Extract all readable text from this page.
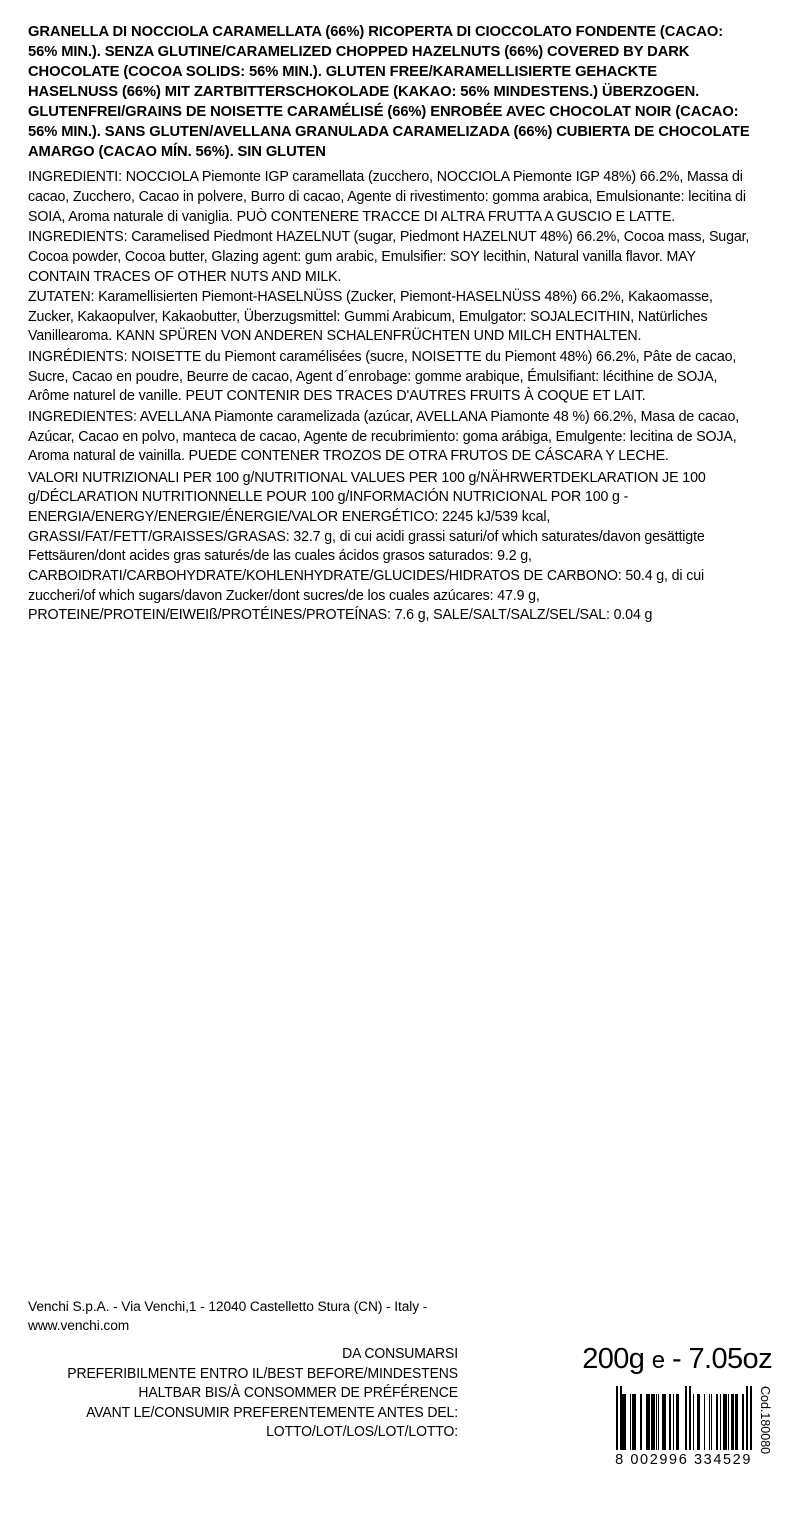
GRANELLA DI NOCCIOLA CARAMELLATA (66%) RICOPERTA DI CIOCCOLATO FONDENTE (CACAO: 56% MIN.). SENZA GLUTINE/CARAMELIZED CHOPPED HAZELNUTS (66%) COVERED BY DARK CHOCOLATE (COCOA SOLIDS: 56% MIN.). GLUTEN FREE/KARAMELLISIERTE GEHACKTE HASELNUSS (66%) MIT ZARTBITTERSCHOKOLADE (KAKAO: 56% MINDESTENS.) ÜBERZOGEN. GLUTENFREI/GRAINS DE NOISETTE CARAMÉLISÉ (66%) ENROBÉE AVEC CHOCOLAT NOIR (CACAO: 56% MIN.). SANS GLUTEN/AVELLANA GRANULADA CARAMELIZADA (66%) CUBIERTA DE CHOCOLATE AMARGO (CACAO MÍN. 56%). SIN GLUTEN

INGREDIENTI: NOCCIOLA Piemonte IGP caramellata (zucchero, NOCCIOLA Piemonte IGP 48%) 66.2%, Massa di cacao, Zucchero, Cacao in polvere, Burro di cacao, Agente di rivestimento: gomma arabica, Emulsionante: lecitina di SOIA, Aroma naturale di vaniglia. PUÒ CONTENERE TRACCE DI ALTRA FRUTTA A GUSCIO E LATTE.

INGREDIENTS: Caramelised Piedmont HAZELNUT (sugar, Piedmont HAZELNUT 48%) 66.2%, Cocoa mass, Sugar, Cocoa powder, Cocoa butter, Glazing agent: gum arabic, Emulsifier: SOY lecithin, Natural vanilla flavor. MAY CONTAIN TRACES OF OTHER NUTS AND MILK.

ZUTATEN: Karamellisierten Piemont-HASELNÜSS (Zucker, Piemont-HASELNÜSS 48%) 66.2%, Kakaomasse, Zucker, Kakaopulver, Kakaobutter, Überzugsmittel: Gummi Arabicum, Emulgator: SOJALECITHIN, Natürliches Vanillearoma. KANN SPÜREN VON ANDEREN SCHALENFRÜCHTEN UND MILCH ENTHALTEN.

INGRÉDIENTS: NOISETTE du Piemont caramélisées (sucre, NOISETTE du Piemont 48%) 66.2%, Pâte de cacao, Sucre, Cacao en poudre, Beurre de cacao, Agent d´enrobage: gomme arabique, Émulsifiant: lécithine de SOJA, Arôme naturel de vanille. PEUT CONTENIR DES TRACES D'AUTRES FRUITS À COQUE ET LAIT.

INGREDIENTES: AVELLANA Piamonte caramelizada (azúcar, AVELLANA Piamonte 48 %) 66.2%, Masa de cacao, Azúcar, Cacao en polvo, manteca de cacao, Agente de recubrimiento: goma arábiga, Emulgente: lecitina de SOJA, Aroma natural de vainilla. PUEDE CONTENER TROZOS DE OTRA FRUTOS DE CÁSCARA Y LECHE.

VALORI NUTRIZIONALI PER 100 g/NUTRITIONAL VALUES PER 100 g/NÄHRWERTDEKLARATION JE 100 g/DÉCLARATION NUTRITIONNELLE POUR 100 g/INFORMACIÓN NUTRICIONAL POR 100 g -

ENERGIA/ENERGY/ENERGIE/ÉNERGIE/VALOR ENERGÉTICO: 2245 kJ/539 kcal,

GRASSI/FAT/FETT/GRAISSES/GRASAS: 32.7 g, di cui acidi grassi saturi/of which saturates/davon gesättigte Fettsäuren/dont acides gras saturés/de las cuales ácidos grasos saturados: 9.2 g,

CARBOIDRATI/CARBOHYDRATE/KOHLENHYDRATE/GLUCIDES/HIDRATOS DE CARBONO: 50.4 g, di cui zuccheri/of which sugars/davon Zucker/dont sucres/de los cuales azúcares: 47.9 g,

PROTEINE/PROTEIN/EIWEIß/PROTÉINES/PROTEÍNAS: 7.6 g, SALE/SALT/SALZ/SEL/SAL: 0.04 g

Venchi S.p.A. - Via Venchi,1 - 12040 Castelletto Stura (CN) - Italy - www.venchi.com
DA CONSUMARSI
PREFERIBILMENTE ENTRO IL/BEST BEFORE/MINDESTENS
HALTBAR BIS/À CONSOMMER DE PRÉFÉRENCE
AVANT LE/CONSUMIR PREFERENTEMENTE ANTES DEL:
LOTTO/LOT/LOS/LOT/LOTTO:
200g e - 7.05oz
8 002996 334529
Cod.180080
